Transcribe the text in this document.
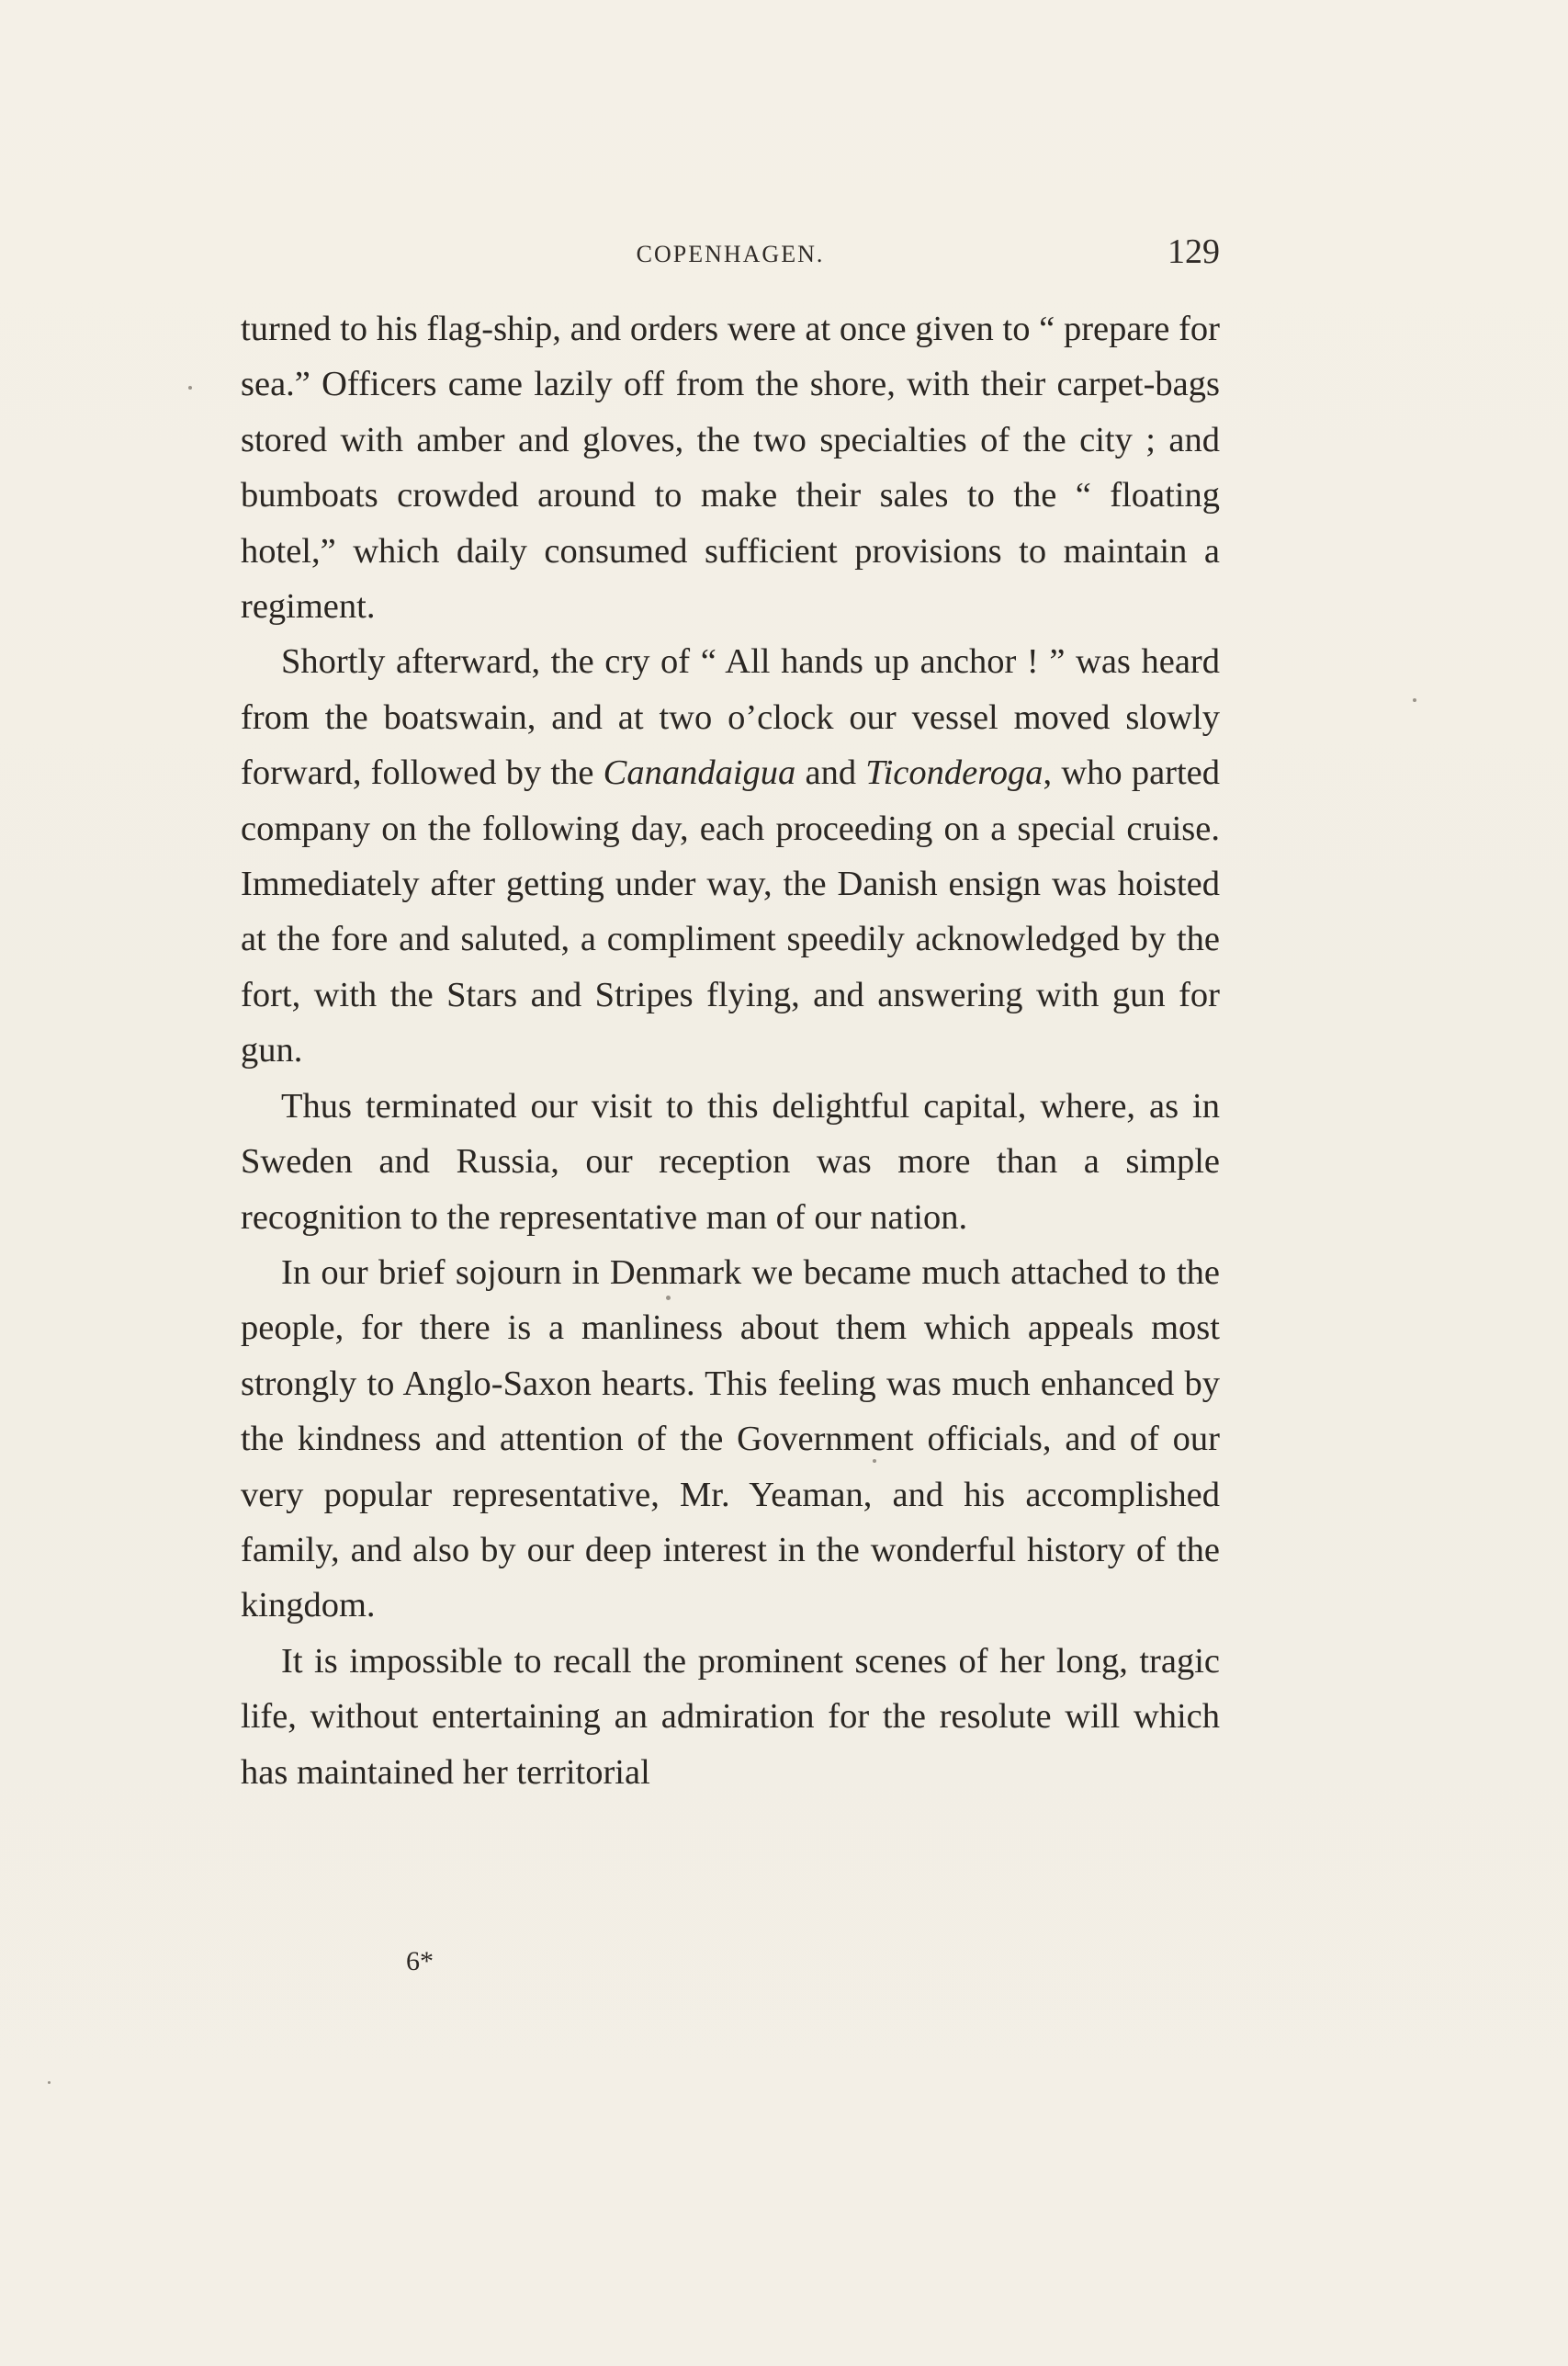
COPENHAGEN.	129

turned to his flag-ship, and orders were at once given to “ prepare for sea.” Officers came lazily off from the shore, with their carpet-bags stored with amber and gloves, the two specialties of the city ; and bumboats crowded around to make their sales to the “ floating hotel,” which daily consumed sufficient provisions to maintain a regiment.

Shortly afterward, the cry of “ All hands up anchor ! ” was heard from the boatswain, and at two o’clock our vessel moved slowly forward, followed by the Canandaigua and Ticonderoga, who parted company on the following day, each proceeding on a special cruise. Immediately after getting under way, the Danish ensign was hoisted at the fore and saluted, a compliment speedily acknowledged by the fort, with the Stars and Stripes flying, and answering with gun for gun.

Thus terminated our visit to this delightful capital, where, as in Sweden and Russia, our reception was more than a simple recognition to the representative man of our nation.

In our brief sojourn in Denmark we became much attached to the people, for there is a manliness about them which appeals most strongly to Anglo-Saxon hearts. This feeling was much enhanced by the kindness and attention of the Government officials, and of our very popular representative, Mr. Yeaman, and his accomplished family, and also by our deep interest in the wonderful history of the kingdom.

It is impossible to recall the prominent scenes of her long, tragic life, without entertaining an admiration for the resolute will which has maintained her territorial

6*
